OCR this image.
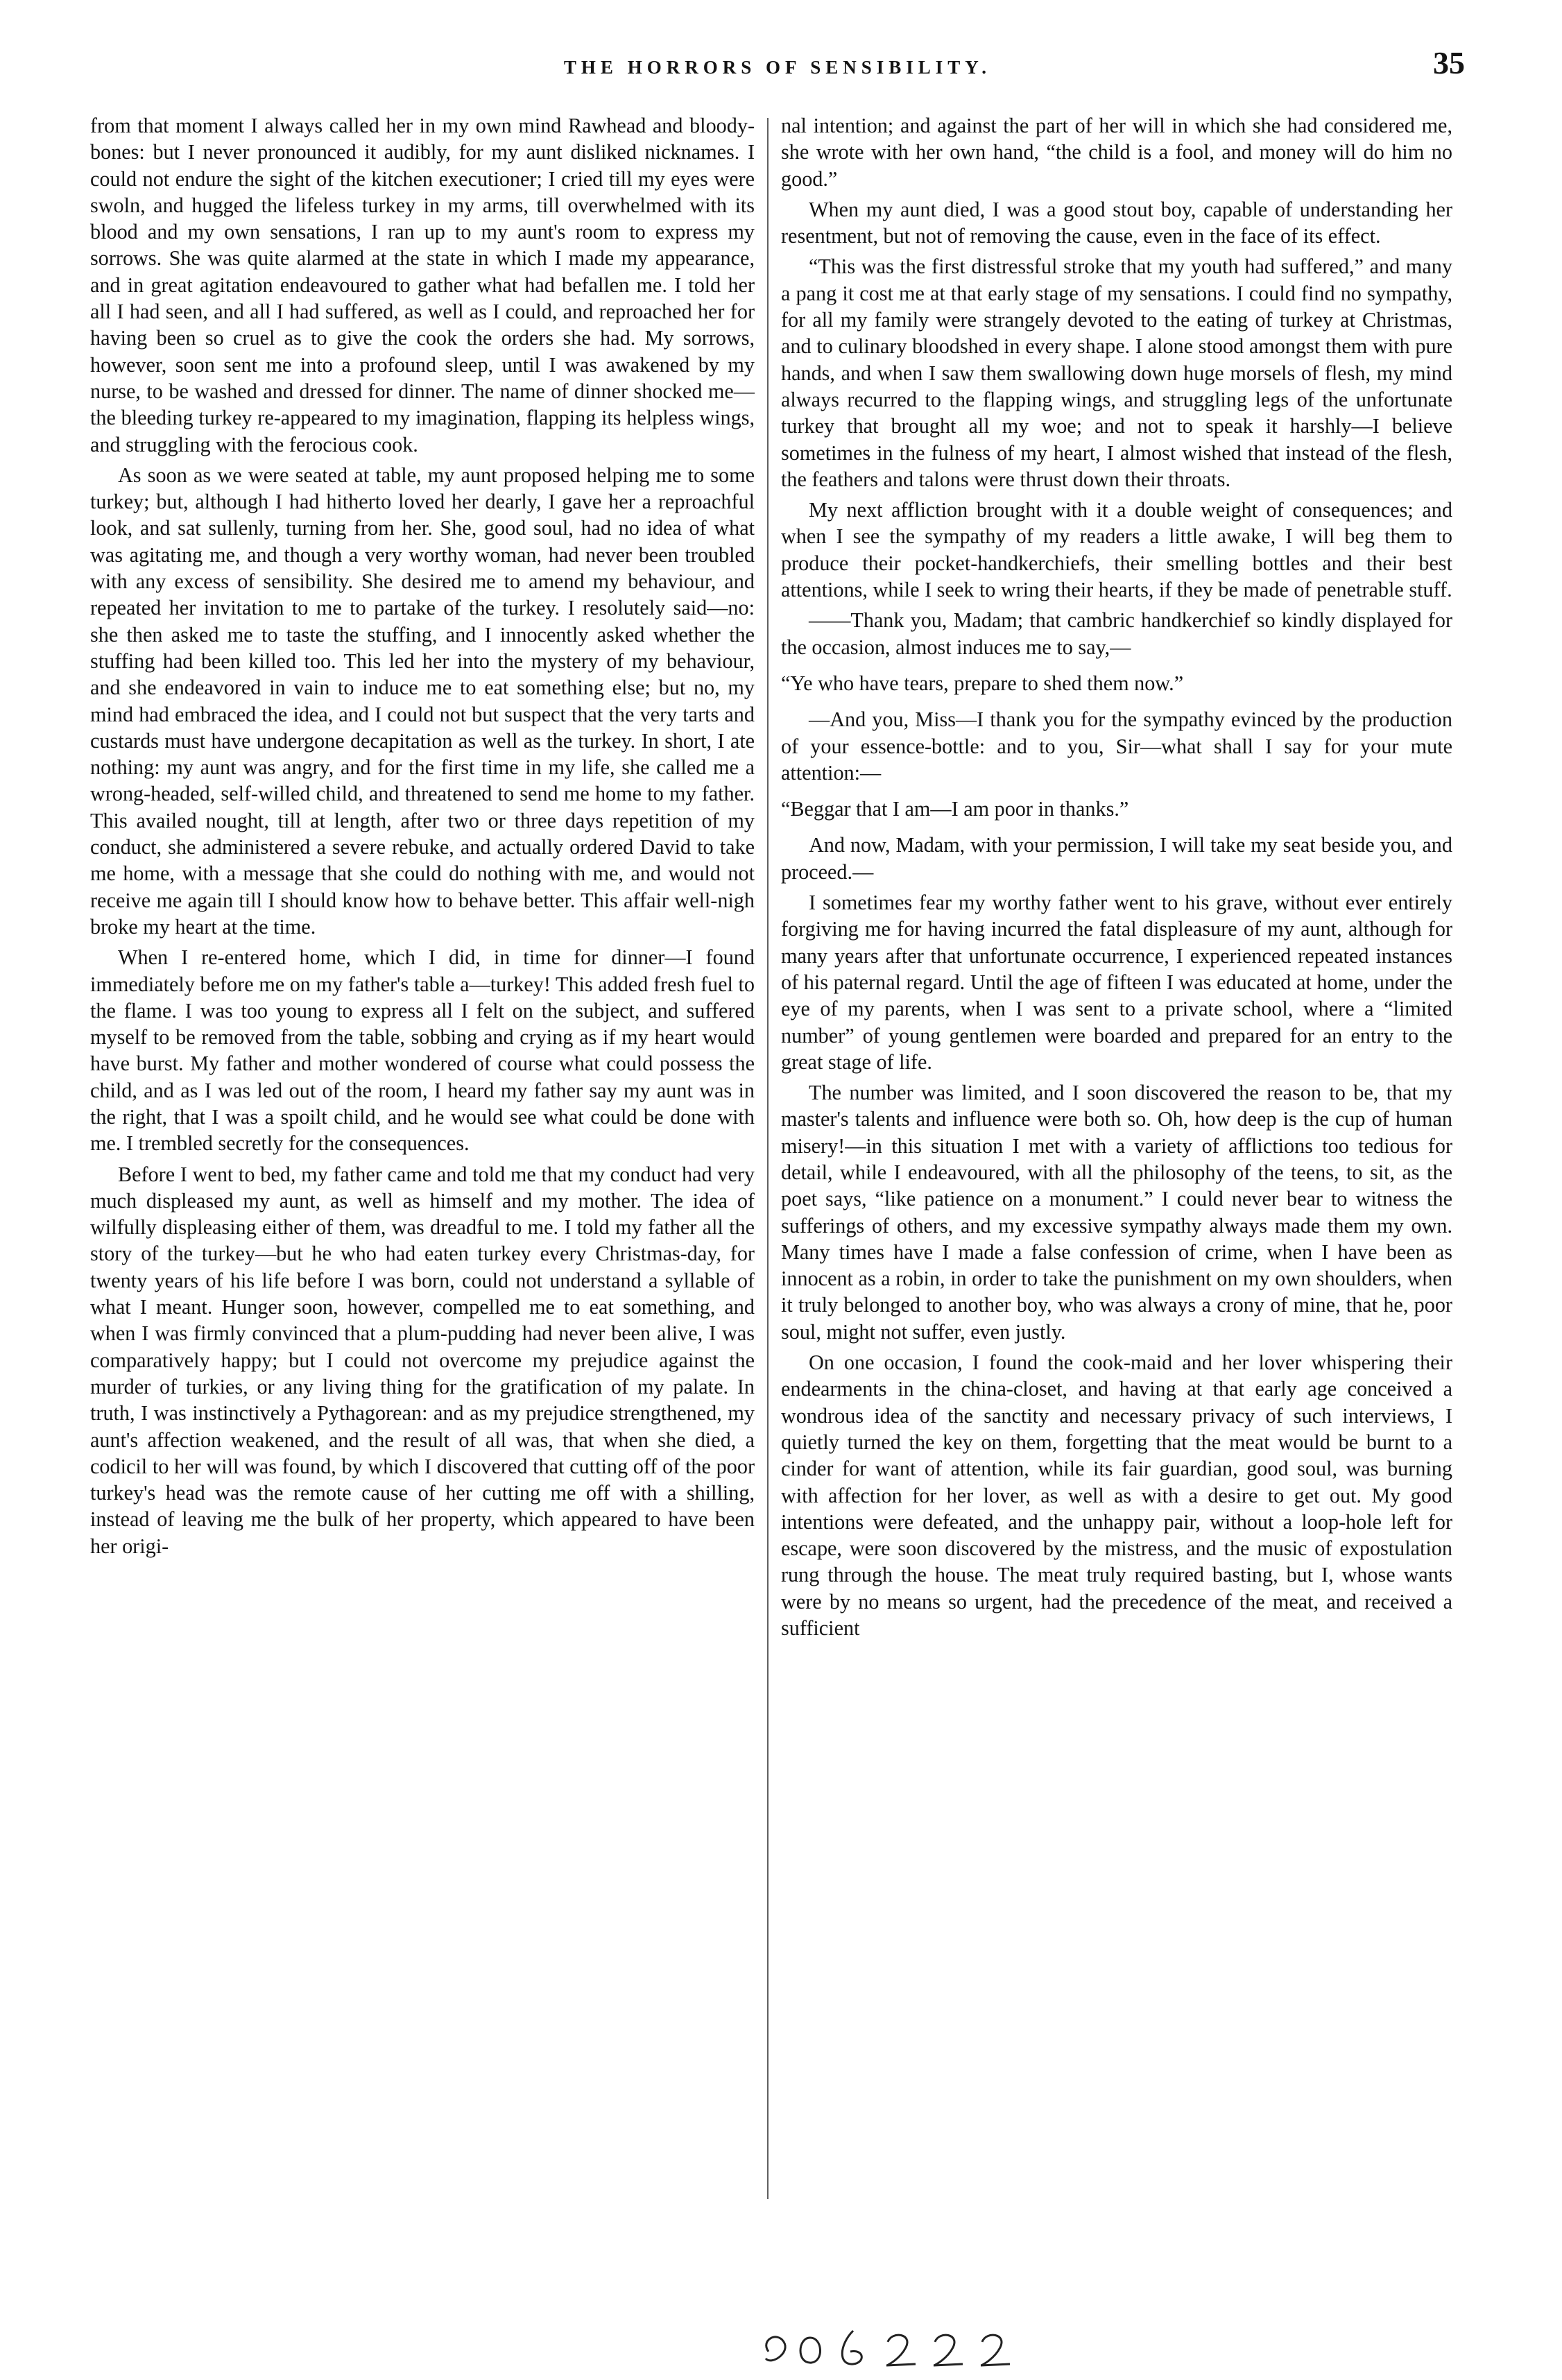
THE HORRORS OF SENSIBILITY.	35

from that moment I always called her in my own mind Rawhead and bloody-bones: but I never pronounced it audibly, for my aunt disliked nicknames. I could not endure the sight of the kitchen executioner; I cried till my eyes were swoln, and hugged the lifeless turkey in my arms, till overwhelmed with its blood and my own sensations, I ran up to my aunt's room to express my sorrows. She was quite alarmed at the state in which I made my appearance, and in great agitation endeavoured to gather what had befallen me. I told her all I had seen, and all I had suffered, as well as I could, and reproached her for having been so cruel as to give the cook the orders she had. My sorrows, however, soon sent me into a profound sleep, until I was awakened by my nurse, to be washed and dressed for dinner. The name of dinner shocked me—the bleeding turkey re-appeared to my imagination, flapping its helpless wings, and struggling with the ferocious cook.

As soon as we were seated at table, my aunt proposed helping me to some turkey; but, although I had hitherto loved her dearly, I gave her a reproachful look, and sat sullenly, turning from her. She, good soul, had no idea of what was agitating me, and though a very worthy woman, had never been troubled with any excess of sensibility. She desired me to amend my behaviour, and repeated her invitation to me to partake of the turkey. I resolutely said—no: she then asked me to taste the stuffing, and I innocently asked whether the stuffing had been killed too. This led her into the mystery of my behaviour, and she endeavored in vain to induce me to eat something else; but no, my mind had embraced the idea, and I could not but suspect that the very tarts and custards must have undergone decapitation as well as the turkey. In short, I ate nothing: my aunt was angry, and for the first time in my life, she called me a wrong-headed, self-willed child, and threatened to send me home to my father. This availed nought, till at length, after two or three days repetition of my conduct, she administered a severe rebuke, and actually ordered David to take me home, with a message that she could do nothing with me, and would not receive me again till I should know how to behave better. This affair well-nigh broke my heart at the time.

When I re-entered home, which I did, in time for dinner—I found immediately before me on my father's table a—turkey! This added fresh fuel to the flame. I was too young to express all I felt on the subject, and suffered myself to be removed from the table, sobbing and crying as if my heart would have burst. My father and mother wondered of course what could possess the child, and as I was led out of the room, I heard my father say my aunt was in the right, that I was a spoilt child, and he would see what could be done with me. I trembled secretly for the consequences.

Before I went to bed, my father came and told me that my conduct had very much displeased my aunt, as well as himself and my mother. The idea of wilfully displeasing either of them, was dreadful to me. I told my father all the story of the turkey—but he who had eaten turkey every Christmas-day, for twenty years of his life before I was born, could not understand a syllable of what I meant. Hunger soon, however, compelled me to eat something, and when I was firmly convinced that a plum-pudding had never been alive, I was comparatively happy; but I could not overcome my prejudice against the murder of turkies, or any living thing for the gratification of my palate. In truth, I was instinctively a Pythagorean: and as my prejudice strengthened, my aunt's affection weakened, and the result of all was, that when she died, a codicil to her will was found, by which I discovered that cutting off of the poor turkey's head was the remote cause of her cutting me off with a shilling, instead of leaving me the bulk of her property, which appeared to have been her origi-

nal intention; and against the part of her will in which she had considered me, she wrote with her own hand, “the child is a fool, and money will do him no good.”

When my aunt died, I was a good stout boy, capable of understanding her resentment, but not of removing the cause, even in the face of its effect.

“This was the first distressful stroke that my youth had suffered,” and many a pang it cost me at that early stage of my sensations. I could find no sympathy, for all my family were strangely devoted to the eating of turkey at Christmas, and to culinary bloodshed in every shape. I alone stood amongst them with pure hands, and when I saw them swallowing down huge morsels of flesh, my mind always recurred to the flapping wings, and struggling legs of the unfortunate turkey that brought all my woe; and not to speak it harshly—I believe sometimes in the fulness of my heart, I almost wished that instead of the flesh, the feathers and talons were thrust down their throats.

My next affliction brought with it a double weight of consequences; and when I see the sympathy of my readers a little awake, I will beg them to produce their pocket-handkerchiefs, their smelling bottles and their best attentions, while I seek to wring their hearts, if they be made of penetrable stuff.

——Thank you, Madam; that cambric handkerchief so kindly displayed for the occasion, almost induces me to say,—

“Ye who have tears, prepare to shed them now.”

—And you, Miss—I thank you for the sympathy evinced by the production of your essence-bottle: and to you, Sir—what shall I say for your mute attention:—

“Beggar that I am—I am poor in thanks.”

And now, Madam, with your permission, I will take my seat beside you, and proceed.—

I sometimes fear my worthy father went to his grave, without ever entirely forgiving me for having incurred the fatal displeasure of my aunt, although for many years after that unfortunate occurrence, I experienced repeated instances of his paternal regard. Until the age of fifteen I was educated at home, under the eye of my parents, when I was sent to a private school, where a “limited number” of young gentlemen were boarded and prepared for an entry to the great stage of life.

The number was limited, and I soon discovered the reason to be, that my master's talents and influence were both so. Oh, how deep is the cup of human misery!—in this situation I met with a variety of afflictions too tedious for detail, while I endeavoured, with all the philosophy of the teens, to sit, as the poet says, “like patience on a monument.” I could never bear to witness the sufferings of others, and my excessive sympathy always made them my own. Many times have I made a false confession of crime, when I have been as innocent as a robin, in order to take the punishment on my own shoulders, when it truly belonged to another boy, who was always a crony of mine, that he, poor soul, might not suffer, even justly.

On one occasion, I found the cook-maid and her lover whispering their endearments in the china-closet, and having at that early age conceived a wondrous idea of the sanctity and necessary privacy of such interviews, I quietly turned the key on them, forgetting that the meat would be burnt to a cinder for want of attention, while its fair guardian, good soul, was burning with affection for her lover, as well as with a desire to get out. My good intentions were defeated, and the unhappy pair, without a loop-hole left for escape, were soon discovered by the mistress, and the music of expostulation rung through the house. The meat truly required basting, but I, whose wants were by no means so urgent, had the precedence of the meat, and received a sufficient
